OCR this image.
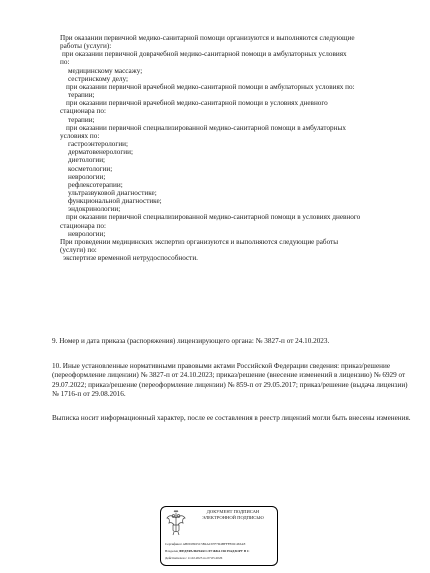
При оказании первичной медико-санитарной помощи организуются и выполняются следующие

работы (услуги):

при оказании первичной доврачебной медико-санитарной помощи в амбулаторных условиях

по:

медицинскому массажу;

сестринскому делу;

при оказании первичной врачебной медико-санитарной помощи в амбулаторных условиях по:

терапии;

при оказании первичной врачебной медико-санитарной помощи в условиях дневного

стационара по:

терапии;

при оказании первичной специализированной медико-санитарной помощи в амбулаторных

условиях по:

гастроэнтерологии;

дерматовенерологии;

диетологии;

косметологии;

неврологии;

рефлексотерапии;

ультразвуковой диагностике;

функциональной диагностике;

эндокринологии;

при оказании первичной специализированной медико-санитарной помощи в условиях дневного

стационара по:

неврологии;

При проведении медицинских экспертиз организуются и выполняются следующие работы

(услуги) по:

экспертизе временной нетрудоспособности.

9. Номер и дата приказа (распоряжения) лицензирующего органа: № 3827-п от 24.10.2023.

10. Иные установленные нормативными правовыми актами Российской Федерации сведения: приказ/решение (переоформление лицензии) № 3827-п от 24.10.2023; приказ/решение (внесение изменений в лицензию) № 6929 от 29.07.2022; приказ/решение (переоформление лицензии) № 859-п от 29.05.2017; приказ/решение (выдача лицензии) № 1716-п от 29.08.2016.

Выписка носит информационный характер, после ее составления в реестр лицензий могли быть внесены изменения.

ДОКУМЕНТ ПОДПИСАН
ЭЛЕКТРОННОЙ ПОДПИСЬЮ
Сертификат AB0918925C5B4AC67F7D4BFFFEDC463AE
Владелец ФЕДЕРАЛЬНАЯ СЛУЖБА ПО НАДЗОРУ В С
Действителен с 11.02.2025 по 07.05.2026
